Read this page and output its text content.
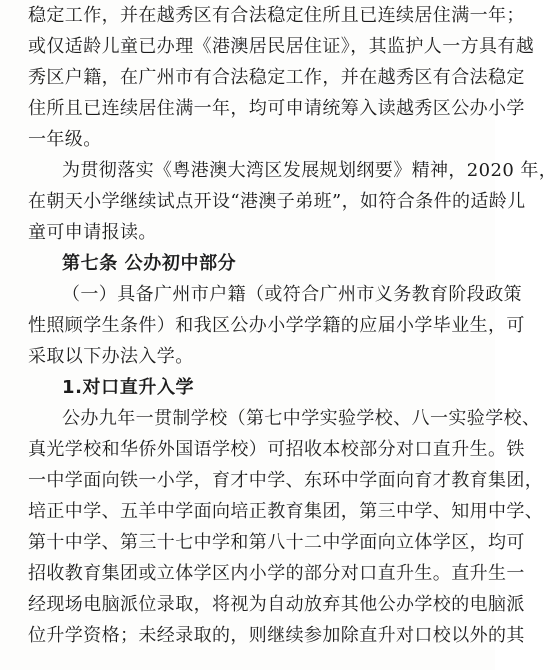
稳定工作，并在越秀区有合法稳定住所且已连续居住满一年；
或仅适龄儿童已办理《港澳居民居住证》，其监护人一方具有越
秀区户籍，在广州市有合法稳定工作，并在越秀区有合法稳定
住所且已连续居住满一年，均可申请统筹入读越秀区公办小学
一年级。
为贯彻落实《粤港澳大湾区发展规划纲要》精神，2020 年，
在朝天小学继续试点开设“港澳子弟班”，如符合条件的适龄儿
童可申请报读。
第七条 公办初中部分
（一）具备广州市户籍（或符合广州市义务教育阶段政策
性照顾学生条件）和我区公办小学学籍的应届小学毕业生，可
采取以下办法入学。
1.对口直升入学
公办九年一贯制学校（第七中学实验学校、八一实验学校、
真光学校和华侨外国语学校）可招收本校部分对口直升生。铁
一中学面向铁一小学，育才中学、东环中学面向育才教育集团，
培正中学、五羊中学面向培正教育集团，第三中学、知用中学、
第十中学、第三十七中学和第八十二中学面向立体学区，均可
招收教育集团或立体学区内小学的部分对口直升生。直升生一
经现场电脑派位录取，将视为自动放弃其他公办学校的电脑派
位升学资格；未经录取的，则继续参加除直升对口校以外的其
